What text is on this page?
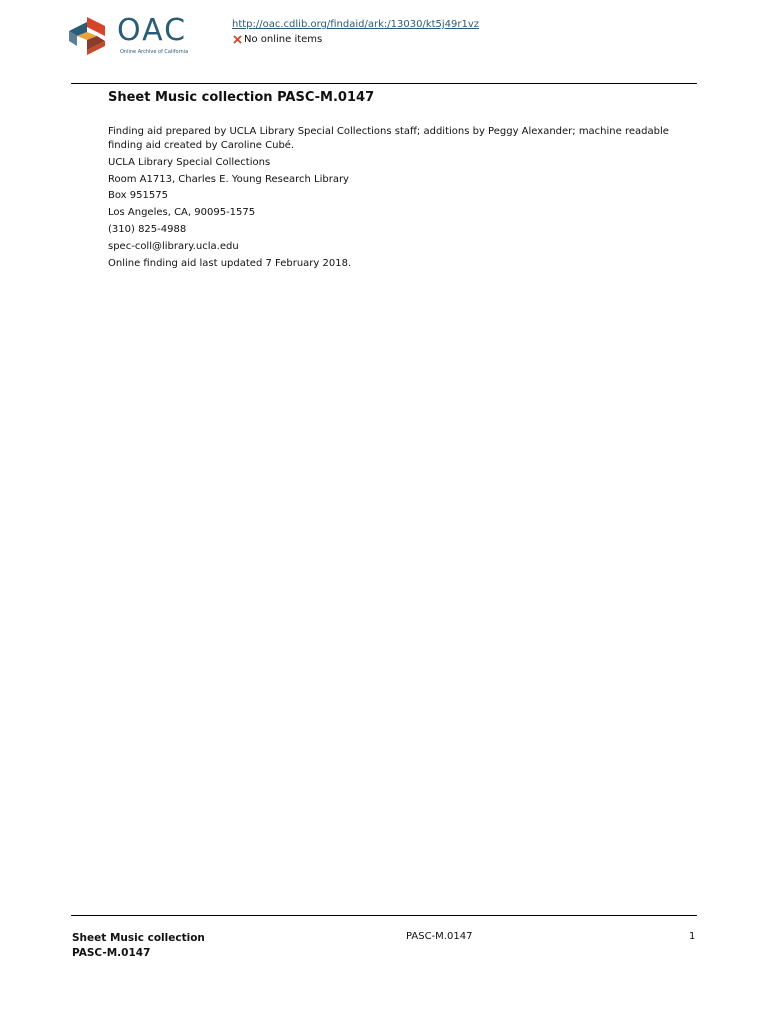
OAC
Online Archive of California
http://oac.cdlib.org/findaid/ark:/13030/kt5j49r1vz
No online items
Sheet Music collection PASC-M.0147

Finding aid prepared by UCLA Library Special Collections staff; additions by Peggy Alexander; machine readable finding aid created by Caroline Cubé.

UCLA Library Special Collections

Room A1713, Charles E. Young Research Library

Box 951575

Los Angeles, CA, 90095-1575

(310) 825-4988

spec-coll@library.ucla.edu

Online finding aid last updated 7 February 2018.

Sheet Music collection
PASC-M.0147
PASC-M.0147	1
